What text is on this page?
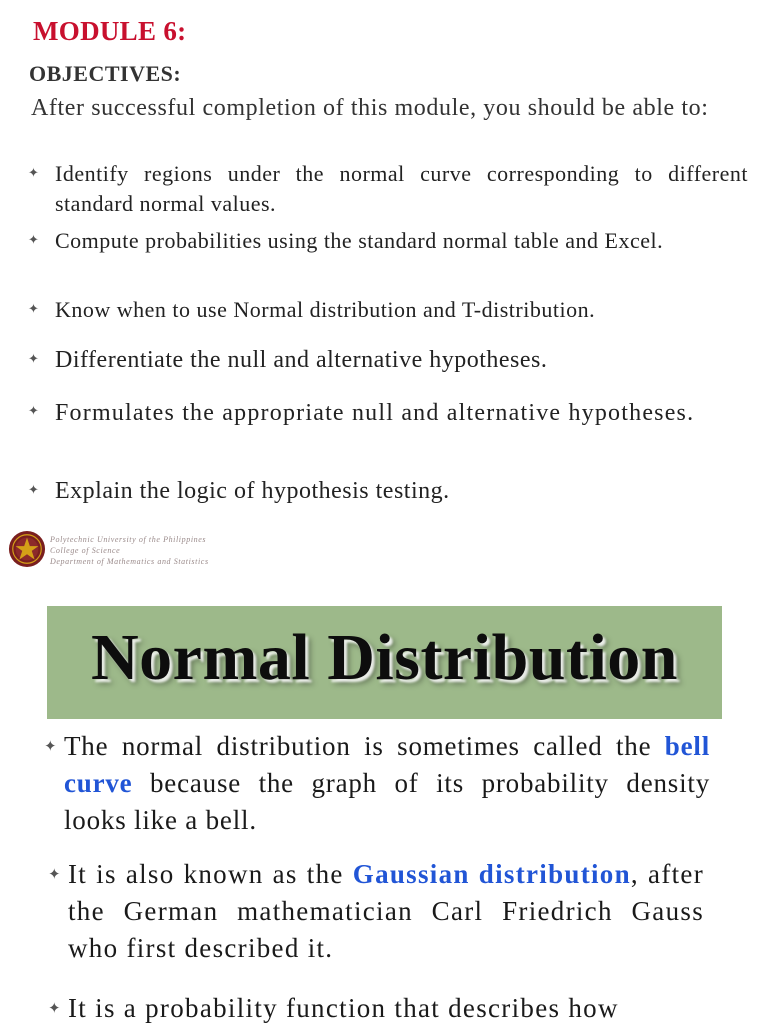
MODULE 6:
OBJECTIVES:
After successful completion of this module, you should be able to:
✦ Identify regions under the normal curve corresponding to different standard normal values.
✦ Compute probabilities using the standard normal table and Excel.
✦ Know when to use Normal distribution and T-distribution.
✦ Differentiate the null and alternative hypotheses.
✦ Formulates the appropriate null and alternative hypotheses.
✦ Explain the logic of hypothesis testing.
Polytechnic University of the Philippines
College of Science
Department of Mathematics and Statistics
Normal Distribution
✦ The normal distribution is sometimes called the bell curve because the graph of its probability density looks like a bell.
✦ It is also known as the Gaussian distribution, after the German mathematician Carl Friedrich Gauss who first described it.
✦ It is a probability function that describes how
